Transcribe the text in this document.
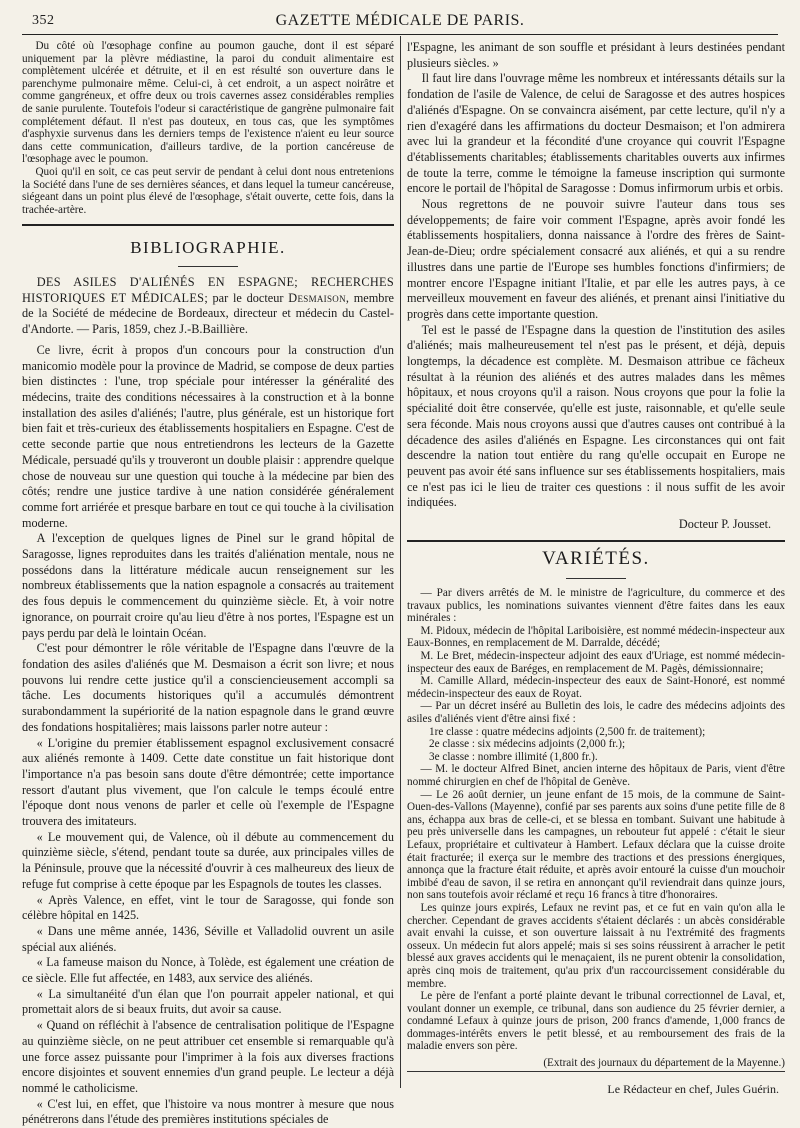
352	GAZETTE MÉDICALE DE PARIS.

Du côté où l'œsophage confine au poumon gauche, dont il est séparé uniquement par la plèvre médiastine, la paroi du conduit alimentaire est complètement ulcérée et détruite, et il en est résulté son ouverture dans le parenchyme pulmonaire même. Celui-ci, à cet endroit, a un aspect noirâtre et comme gangréneux, et offre deux ou trois cavernes assez considérables remplies de sanie purulente. Toutefois l'odeur si caractéristique de gangrène pulmonaire fait complétement défaut. Il n'est pas douteux, en tous cas, que les symptômes d'asphyxie survenus dans les derniers temps de l'existence n'aient eu leur source dans cette communication, d'ailleurs tardive, de la portion cancéreuse de l'œsophage avec le poumon.

Quoi qu'il en soit, ce cas peut servir de pendant à celui dont nous entretenions la Société dans l'une de ses dernières séances, et dans lequel la tumeur cancéreuse, siégeant dans un point plus élevé de l'œsophage, s'était ouverte, cette fois, dans la trachée-artère.

BIBLIOGRAPHIE.

DES ASILES D'ALIÉNÉS EN ESPAGNE; RECHERCHES HISTORIQUES ET MÉDICALES; par le docteur Desmaison, membre de la Société de médecine de Bordeaux, directeur et médecin du Castel-d'Andorte. — Paris, 1859, chez J.-B.Baillière.

Ce livre, écrit à propos d'un concours pour la construction d'un manicomio modèle pour la province de Madrid, se compose de deux parties bien distinctes : l'une, trop spéciale pour intéresser la généralité des médecins, traite des conditions nécessaires à la construction et à la bonne installation des asiles d'aliénés; l'autre, plus générale, est un historique fort bien fait et très-curieux des établissements hospitaliers en Espagne. C'est de cette seconde partie que nous entretiendrons les lecteurs de la Gazette Médicale, persuadé qu'ils y trouveront un double plaisir : apprendre quelque chose de nouveau sur une question qui touche à la médecine par bien des côtés; rendre une justice tardive à une nation considérée généralement comme fort arriérée et presque barbare en tout ce qui touche à la civilisation moderne.

A l'exception de quelques lignes de Pinel sur le grand hôpital de Saragosse, lignes reproduites dans les traités d'aliénation mentale, nous ne possédons dans la littérature médicale aucun renseignement sur les nombreux établissements que la nation espagnole a consacrés au traitement des fous depuis le commencement du quinzième siècle. Et, à voir notre ignorance, on pourrait croire qu'au lieu d'être à nos portes, l'Espagne est un pays perdu par delà le lointain Océan.

C'est pour démontrer le rôle véritable de l'Espagne dans l'œuvre de la fondation des asiles d'aliénés que M. Desmaison a écrit son livre; et nous pouvons lui rendre cette justice qu'il a consciencieusement accompli sa tâche. Les documents historiques qu'il a accumulés démontrent surabondamment la supériorité de la nation espagnole dans le grand œuvre des fondations hospitalières; mais laissons parler notre auteur :

« L'origine du premier établissement espagnol exclusivement consacré aux aliénés remonte à 1409. Cette date constitue un fait historique dont l'importance n'a pas besoin sans doute d'être démontrée; cette importance ressort d'autant plus vivement, que l'on calcule le temps écoulé entre l'époque dont nous venons de parler et celle où l'exemple de l'Espagne trouvera des imitateurs.

« Le mouvement qui, de Valence, où il débute au commencement du quinzième siècle, s'étend, pendant toute sa durée, aux principales villes de la Péninsule, prouve que la nécessité d'ouvrir à ces malheureux des lieux de refuge fut comprise à cette époque par les Espagnols de toutes les classes.

« Après Valence, en effet, vint le tour de Saragosse, qui fonde son célèbre hôpital en 1425.

« Dans une même année, 1436, Séville et Valladolid ouvrent un asile spécial aux aliénés.

« La fameuse maison du Nonce, à Tolède, est également une création de ce siècle. Elle fut affectée, en 1483, aux service des aliénés.

« La simultanéité d'un élan que l'on pourrait appeler national, et qui promettait alors de si beaux fruits, dut avoir sa cause.

« Quand on réfléchit à l'absence de centralisation politique de l'Espagne au quinzième siècle, on ne peut attribuer cet ensemble si remarquable qu'à une force assez puissante pour l'imprimer à la fois aux diverses fractions encore disjointes et souvent ennemies d'un grand peuple. Le lecteur a déjà nommé le catholicisme.

« C'est lui, en effet, que l'histoire va nous montrer à mesure que nous pénétrerons dans l'étude des premières institutions spéciales de

l'Espagne, les animant de son souffle et présidant à leurs destinées pendant plusieurs siècles. »

Il faut lire dans l'ouvrage même les nombreux et intéressants détails sur la fondation de l'asile de Valence, de celui de Saragosse et des autres hospices d'aliénés d'Espagne. On se convaincra aisément, par cette lecture, qu'il n'y a rien d'exagéré dans les affirmations du docteur Desmaison; et l'on admirera avec lui la grandeur et la fécondité d'une croyance qui couvrit l'Espagne d'établissements charitables; établissements charitables ouverts aux infirmes de toute la terre, comme le témoigne la fameuse inscription qui surmonte encore le portail de l'hôpital de Saragosse : Domus infirmorum urbis et orbis.

Nous regrettons de ne pouvoir suivre l'auteur dans tous ses développements; de faire voir comment l'Espagne, après avoir fondé les établissements hospitaliers, donna naissance à l'ordre des frères de Saint-Jean-de-Dieu; ordre spécialement consacré aux aliénés, et qui a su rendre illustres dans une partie de l'Europe ses humbles fonctions d'infirmiers; de montrer encore l'Espagne initiant l'Italie, et par elle les autres pays, à ce merveilleux mouvement en faveur des aliénés, et prenant ainsi l'initiative du progrès dans cette importante question.

Tel est le passé de l'Espagne dans la question de l'institution des asiles d'aliénés; mais malheureusement tel n'est pas le présent, et déjà, depuis longtemps, la décadence est complète. M. Desmaison attribue ce fâcheux résultat à la réunion des aliénés et des autres malades dans les mêmes hôpitaux, et nous croyons qu'il a raison. Nous croyons que pour la folie la spécialité doit être conservée, qu'elle est juste, raisonnable, et qu'elle seule sera féconde. Mais nous croyons aussi que d'autres causes ont contribué à la décadence des asiles d'aliénés en Espagne. Les circonstances qui ont fait descendre la nation tout entière du rang qu'elle occupait en Europe ne peuvent pas avoir été sans influence sur ses établissements hospitaliers, mais ce n'est pas ici le lieu de traiter ces questions : il nous suffit de les avoir indiquées.

Docteur P. Jousset.
VARIÉTÉS.

— Par divers arrêtés de M. le ministre de l'agriculture, du commerce et des travaux publics, les nominations suivantes viennent d'être faites dans les eaux minérales :

M. Pidoux, médecin de l'hôpital Lariboisière, est nommé médecin-inspecteur aux Eaux-Bonnes, en remplacement de M. Darralde, décédé;

M. Le Bret, médecin-inspecteur adjoint des eaux d'Uriage, est nommé médecin-inspecteur des eaux de Baréges, en remplacement de M. Pagès, démissionnaire;

M. Camille Allard, médecin-inspecteur des eaux de Saint-Honoré, est nommé médecin-inspecteur des eaux de Royat.

— Par un décret inséré au Bulletin des lois, le cadre des médecins adjoints des asiles d'aliénés vient d'être ainsi fixé :

1re classe : quatre médecins adjoints (2,500 fr. de traitement);

2e classe : six médecins adjoints (2,000 fr.);

3e classe : nombre illimité (1,800 fr.).

— M. le docteur Alfred Binet, ancien interne des hôpitaux de Paris, vient d'être nommé chirurgien en chef de l'hôpital de Genève.

— Le 26 août dernier, un jeune enfant de 15 mois, de la commune de Saint-Ouen-des-Vallons (Mayenne), confié par ses parents aux soins d'une petite fille de 8 ans, échappa aux bras de celle-ci, et se blessa en tombant. Suivant une habitude à peu près universelle dans les campagnes, un rebouteur fut appelé : c'était le sieur Lefaux, propriétaire et cultivateur à Hambert. Lefaux déclara que la cuisse droite était fracturée; il exerça sur le membre des tractions et des pressions énergiques, annonça que la fracture était réduite, et après avoir entouré la cuisse d'un mouchoir imbibé d'eau de savon, il se retira en annonçant qu'il reviendrait dans quinze jours, non sans toutefois avoir réclamé et reçu 16 francs à titre d'honoraires.

Les quinze jours expirés, Lefaux ne revint pas, et ce fut en vain qu'on alla le chercher. Cependant de graves accidents s'étaient déclarés : un abcès considérable avait envahi la cuisse, et son ouverture laissait à nu l'extrémité des fragments osseux. Un médecin fut alors appelé; mais si ses soins réussirent à arracher le petit blessé aux graves accidents qui le menaçaient, ils ne purent obtenir la consolidation, après cinq mois de traitement, qu'au prix d'un raccourcissement considérable du membre.

Le père de l'enfant a porté plainte devant le tribunal correctionnel de Laval, et, voulant donner un exemple, ce tribunal, dans son audience du 25 février dernier, a condamné Lefaux à quinze jours de prison, 200 francs d'amende, 1,000 francs de dommages-intérêts envers le petit blessé, et au remboursement des frais de la maladie envers son père.

(Extrait des journaux du département de la Mayenne.)
Le Rédacteur en chef, Jules Guérin.
